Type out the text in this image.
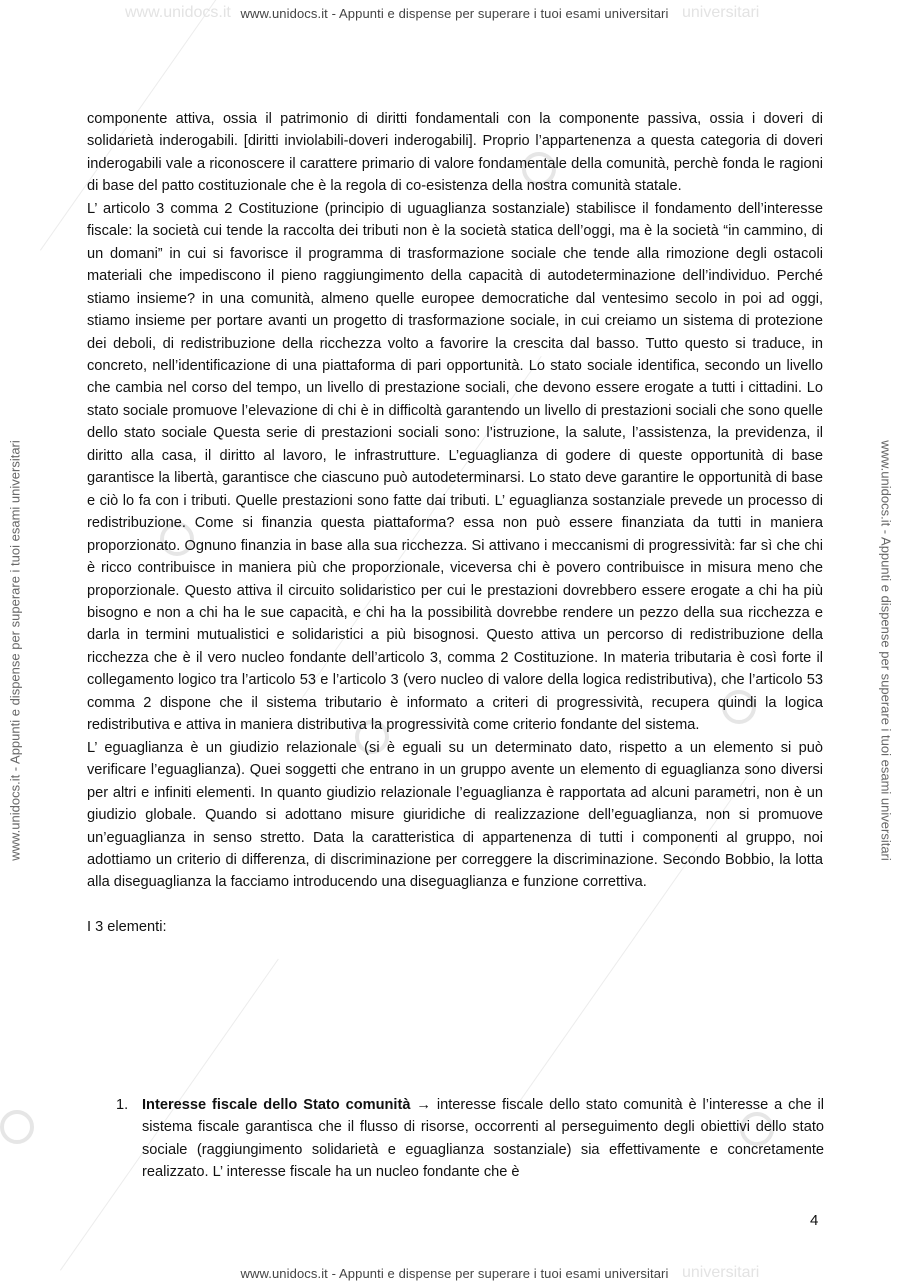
www.unidocs.it	universitari
www.unidocs.it - Appunti e dispense per superare i tuoi esami universitari
www.unidocs.it - Appunti e dispense per superare i tuoi esami universitari	www.unidocs.it - Appunti e dispense per superare i tuoi esami universitari

componente attiva, ossia il patrimonio di diritti fondamentali con la componente passiva, ossia i doveri di solidarietà inderogabili. [diritti inviolabili-doveri inderogabili]. Proprio l’appartenenza a questa categoria di doveri inderogabili vale a riconoscere il carattere primario di valore fondamentale della comunità, perchè fonda le ragioni di base del patto costituzionale che è la regola di co-esistenza della nostra comunità statale.

L’ articolo 3 comma 2 Costituzione (principio di uguaglianza sostanziale) stabilisce il fondamento dell’interesse fiscale: la società cui tende la raccolta dei tributi non è la società statica dell’oggi, ma è la società “in cammino, di un domani” in cui si favorisce il programma di trasformazione sociale che tende alla rimozione degli ostacoli materiali che impediscono il pieno raggiungimento della capacità di autodeterminazione dell’individuo. Perché stiamo insieme? in una comunità, almeno quelle europee democratiche dal ventesimo secolo in poi ad oggi, stiamo insieme per portare avanti un progetto di trasformazione sociale, in cui creiamo un sistema di protezione dei deboli, di redistribuzione della ricchezza volto a favorire la crescita dal basso. Tutto questo si traduce, in concreto, nell’identificazione di una piattaforma di pari opportunità. Lo stato sociale identifica, secondo un livello che cambia nel corso del tempo, un livello di prestazione sociali, che devono essere erogate a tutti i cittadini. Lo stato sociale promuove l’elevazione di chi è in difficoltà garantendo un livello di prestazioni sociali che sono quelle dello stato sociale Questa serie di prestazioni sociali sono: l’istruzione, la salute, l’assistenza, la previdenza, il diritto alla casa, il diritto al lavoro, le infrastrutture. L’eguaglianza di godere di queste opportunità di base garantisce la libertà, garantisce che ciascuno può autodeterminarsi. Lo stato deve garantire le opportunità di base e ciò lo fa con i tributi. Quelle prestazioni sono fatte dai tributi. L’ eguaglianza sostanziale prevede un processo di redistribuzione. Come si finanzia questa piattaforma? essa non può essere finanziata da tutti in maniera proporzionato. Ognuno finanzia in base alla sua ricchezza. Si attivano i meccanismi di progressività: far sì che chi è ricco contribuisce in maniera più che proporzionale, viceversa chi è povero contribuisce in misura meno che proporzionale. Questo attiva il circuito solidaristico per cui le prestazioni dovrebbero essere erogate a chi ha più bisogno e non a chi ha le sue capacità, e chi ha la possibilità dovrebbe rendere un pezzo della sua ricchezza e darla in termini mutualistici e solidaristici a più bisognosi. Questo attiva un percorso di redistribuzione della ricchezza che è il vero nucleo fondante dell’articolo 3, comma 2 Costituzione. In materia tributaria è così forte il collegamento logico tra l’articolo 53 e l’articolo 3 (vero nucleo di valore della logica redistributiva), che l’articolo 53 comma 2 dispone che il sistema tributario è informato a criteri di progressività, recupera quindi la logica redistributiva e attiva in maniera distributiva la progressività come criterio fondante del sistema.

L’ eguaglianza è un giudizio relazionale (si è eguali su un determinato dato, rispetto a un elemento si può verificare l’eguaglianza). Quei soggetti che entrano in un gruppo avente un elemento di eguaglianza sono diversi per altri e infiniti elementi. In quanto giudizio relazionale l’eguaglianza è rapportata ad alcuni parametri, non è un giudizio globale. Quando si adottano misure giuridiche di realizzazione dell’eguaglianza, non si promuove un’eguaglianza in senso stretto. Data la caratteristica di appartenenza di tutti i componenti al gruppo, noi adottiamo un criterio di differenza, di discriminazione per correggere la discriminazione. Secondo Bobbio, la lotta alla diseguaglianza la facciamo introducendo una diseguaglianza e funzione correttiva.

I 3 elementi:

1. Interesse fiscale dello Stato comunità → interesse fiscale dello stato comunità è l’interesse a che il sistema fiscale garantisca che il flusso di risorse, occorrenti al perseguimento degli obiettivi dello stato sociale (raggiungimento solidarietà e eguaglianza sostanziale) sia effettivamente e concretamente realizzato. L’ interesse fiscale ha un nucleo fondante che è
4
universitari
www.unidocs.it - Appunti e dispense per superare i tuoi esami universitari
